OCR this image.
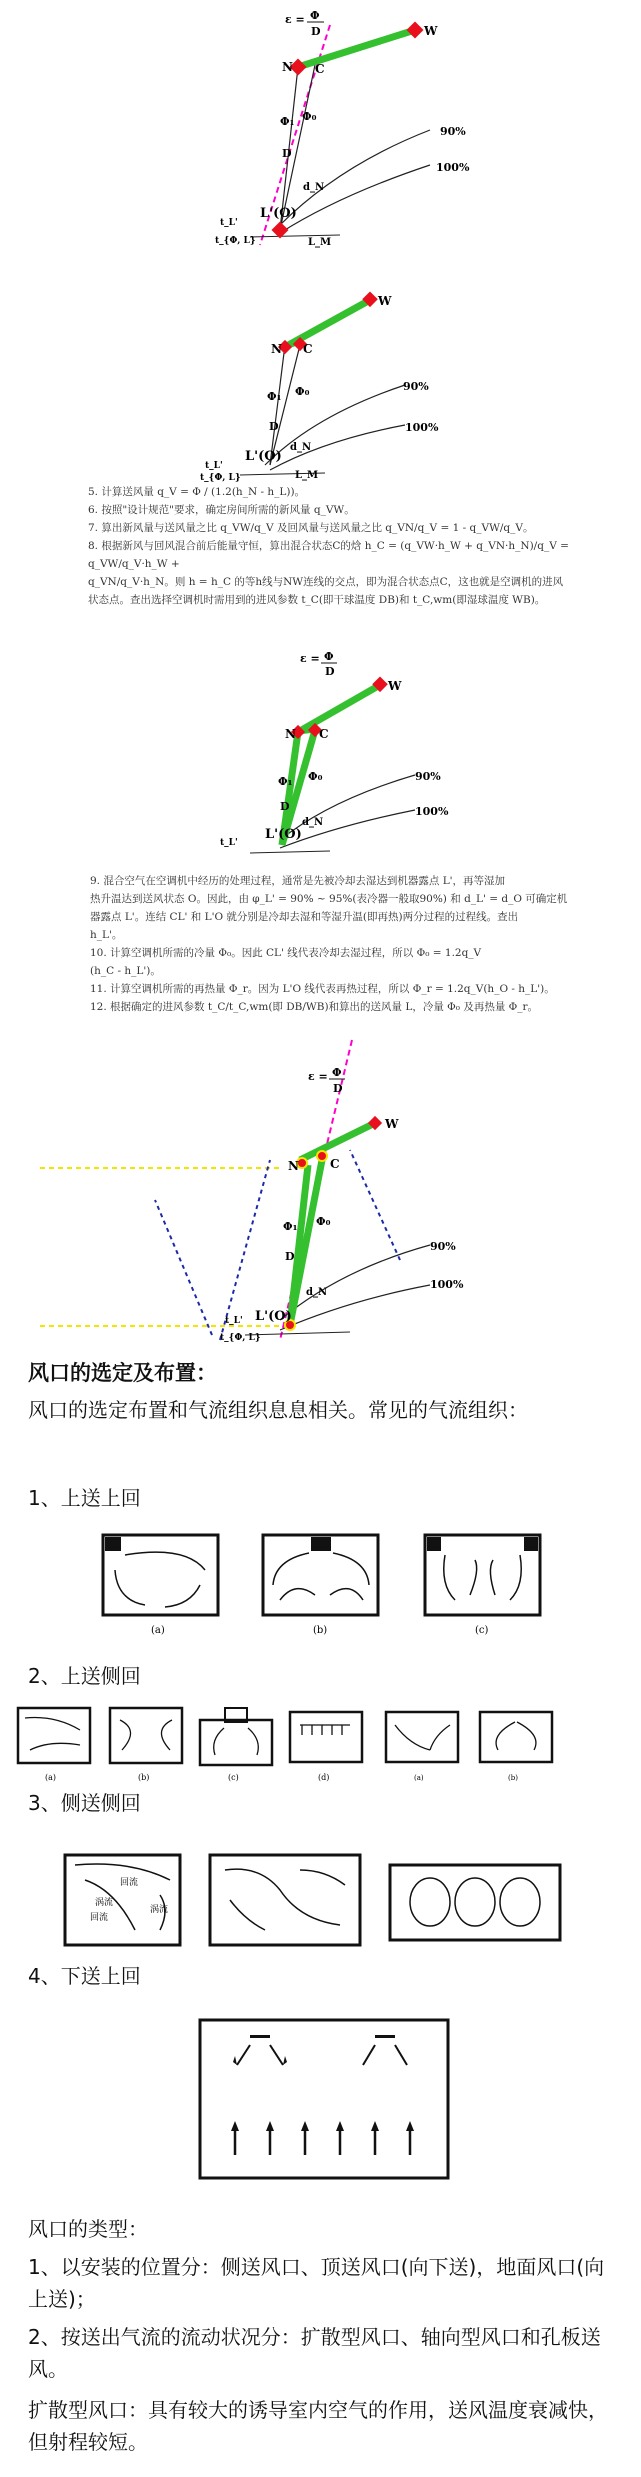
ε = Φ
D	W
N C
Φ₁ Φ₀
D
d_N
L'(O)
t_L'
t_{Φ, L}	L_M
90%
100%
W
N C
Φ₁ Φ₀
D
d_N
L'(O)
t_L'
t_{Φ, L}	L_M
90%
100%
5. 计算送风量 q_V = Φ / (1.2(h_N - h_L))。
6. 按照"设计规范"要求，确定房间所需的新风量 q_VW。
7. 算出新风量与送风量之比 q_VW/q_V 及回风量与送风量之比 q_VN/q_V = 1 - q_VW/q_V。
8. 根据新风与回风混合前后能量守恒，算出混合状态C的焓 h_C = (q_VW·h_W + q_VN·h_N)/q_V = q_VW/q_V·h_W +
q_VN/q_V·h_N。则 h = h_C 的等h线与NW连线的交点，即为混合状态点C，这也就是空调机的进风
状态点。查出选择空调机时需用到的进风参数 t_C(即干球温度 DB)和 t_C,wm(即湿球温度 WB)。
ε = Φ
D
W
N C
Φ₁ Φ₀
D
d_N
L'(O)
t_L'
90%
100%
9. 混合空气在空调机中经历的处理过程，通常是先被冷却去湿达到机器露点 L'，再等湿加
热升温达到送风状态 O。因此，由 φ_L' = 90% ~ 95%(表冷器一般取90%) 和 d_L' = d_O 可确定机
器露点 L'。连结 CL' 和 L'O 就分别是冷却去湿和等湿升温(即再热)两分过程的过程线。查出
h_L'。
10. 计算空调机所需的冷量 Φ₀。因此 CL' 线代表冷却去湿过程，所以 Φ₀ = 1.2q_V
(h_C - h_L')。
11. 计算空调机所需的再热量 Φ_r。因为 L'O 线代表再热过程，所以 Φ_r = 1.2q_V(h_O - h_L')。
12. 根据确定的进风参数 t_C/t_C,wm(即 DB/WB)和算出的送风量 L，冷量 Φ₀ 及再热量 Φ_r。
ε = Φ
D
W
N	C
Φ₁ Φ₀
D
d_N
L'(O)
t_L'
t_{Φ, L}
90%
100%
风口的选定及布置：
风口的选定布置和气流组织息息相关。常见的气流组织：
1、上送上回
(a)	(b)	(c)
2、上送侧回
(a)	(b)	(c)	(d)	(a)	(b)
3、侧送侧回
回流
涡流
回流
涡流
4、下送上回
风口的类型：
1、以安装的位置分：侧送风口、顶送风口(向下送)，地面风口(向上送)；
2、按送出气流的流动状况分：扩散型风口、轴向型风口和孔板送风。
扩散型风口：具有较大的诱导室内空气的作用，送风温度衰减快，但射程较短。
